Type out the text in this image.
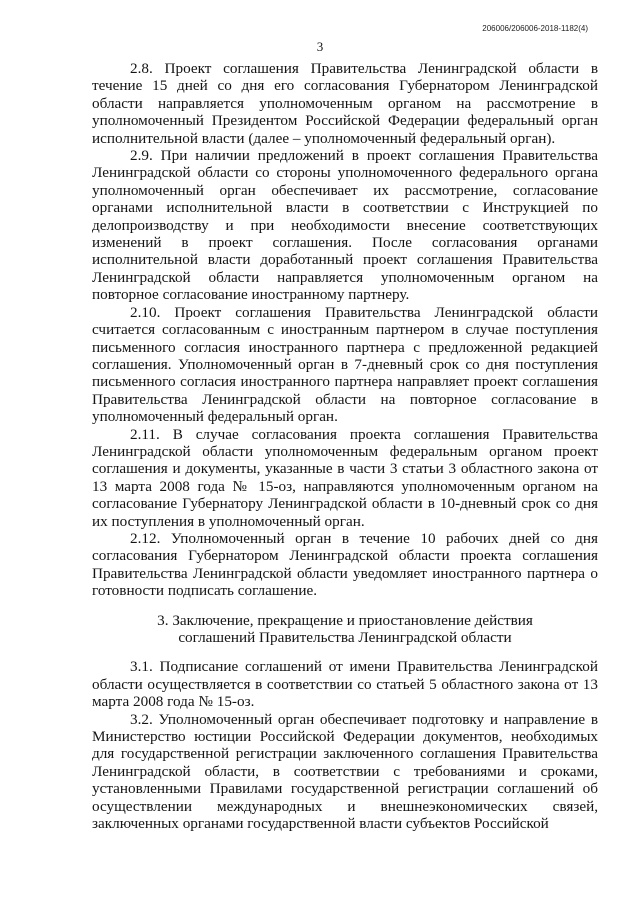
206006/206006-2018-1182(4)
3

2.8. Проект соглашения Правительства Ленинградской области в течение 15 дней со дня его согласования Губернатором Ленинградской области направляется уполномоченным органом на рассмотрение в уполномоченный Президентом Российской Федерации федеральный орган исполнительной власти (далее – уполномоченный федеральный орган).

2.9. При наличии предложений в проект соглашения Правительства Ленинградской области со стороны уполномоченного федерального органа уполномоченный орган обеспечивает их рассмотрение, согласование органами исполнительной власти в соответствии с Инструкцией по делопроизводству и при необходимости внесение соответствующих изменений в проект соглашения. После согласования органами исполнительной власти доработанный проект соглашения Правительства Ленинградской области направляется уполномоченным органом на повторное согласование иностранному партнеру.

2.10. Проект соглашения Правительства Ленинградской области считается согласованным с иностранным партнером в случае поступления письменного согласия иностранного партнера с предложенной редакцией соглашения. Уполномоченный орган в 7-дневный срок со дня поступления письменного согласия иностранного партнера направляет проект соглашения Правительства Ленинградской области на повторное согласование в уполномоченный федеральный орган.

2.11. В случае согласования проекта соглашения Правительства Ленинградской области уполномоченным федеральным органом проект соглашения и документы, указанные в части 3 статьи 3 областного закона от 13 марта 2008 года № 15-оз, направляются уполномоченным органом на согласование Губернатору Ленинградской области в 10-дневный срок со дня их поступления в уполномоченный орган.

2.12. Уполномоченный орган в течение 10 рабочих дней со дня согласования Губернатором Ленинградской области проекта соглашения Правительства Ленинградской области уведомляет иностранного партнера о готовности подписать соглашение.

3. Заключение, прекращение и приостановление действия
соглашений Правительства Ленинградской области

3.1. Подписание соглашений от имени Правительства Ленинградской области осуществляется в соответствии со статьей 5 областного закона от 13 марта 2008 года № 15-оз.

3.2. Уполномоченный орган обеспечивает подготовку и направление в Министерство юстиции Российской Федерации документов, необходимых для государственной регистрации заключенного соглашения Правительства Ленинградской области, в соответствии с требованиями и сроками, установленными Правилами государственной регистрации соглашений об осуществлении международных и внешнеэкономических связей, заключенных органами государственной власти субъектов Российской
